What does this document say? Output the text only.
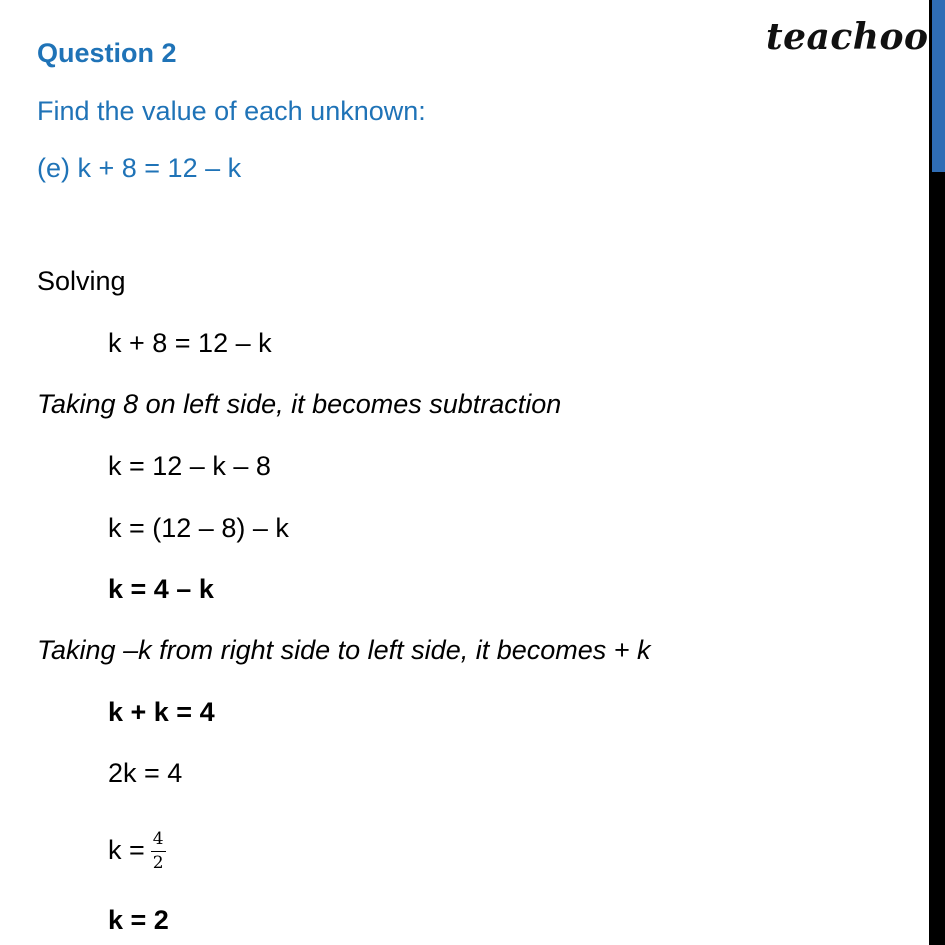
teachoo
Question 2
Find the value of each unknown:
(e) k + 8 = 12 – k
Solving
k + 8 = 12 – k
Taking 8 on left side, it becomes subtraction
k = 12 – k – 8
k = (12 – 8) – k
k = 4 – k
Taking –k from right side to left side, it becomes + k
k + k = 4
2k = 4
$k = \frac{4}{2}$
k = 2
